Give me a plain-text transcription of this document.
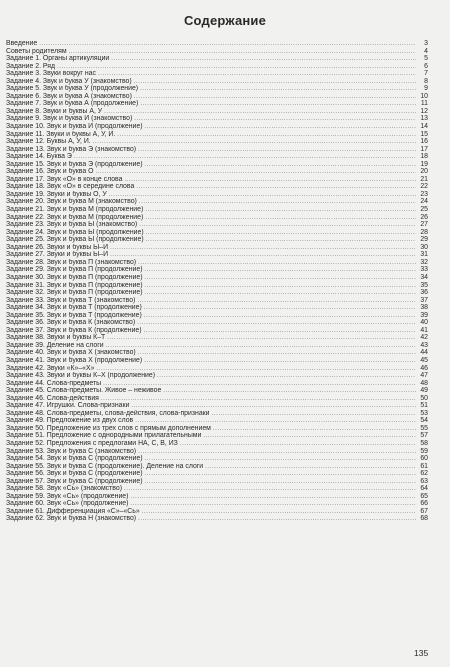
Содержание
Введение .....	3
Советы родителям .....	4
Задание 1. Органы артикуляции .....	5
Задание 2. Ряд .....	6
Задание 3. Звуки вокруг нас .....	7
Задание 4. Звук и буква У (знакомство) .....	8
Задание 5. Звук и буква У (продолжение) .....	9
Задание 6. Звук и буква А (знакомство) .....	10
Задание 7. Звук и буква А (продолжение) .....	11
Задание 8. Звуки и буквы А, У .....	12
Задание 9. Звук и буква И (знакомство) .....	13
Задание 10. Звук и буква И (продолжение) .....	14
Задание 11. Звуки и буквы А, У, И. .....	15
Задание 12. Буквы А, У, И. .....	16
Задание 13. Звук и буква Э (знакомство) .....	17
Задание 14. Буква Э .....	18
Задание 15. Звук и буква Э (продолжение) .....	19
Задание 16. Звук и буква О .....	20
Задание 17. Звук «О» в конце слова .....	21
Задание 18. Звук «О» в середине слова .....	22
Задание 19. Звуки и буквы О, У .....	23
Задание 20. Звук и буква М (знакомство) .....	24
Задание 21. Звук и буква М (продолжение) .....	25
Задание 22. Звук и буква М (продолжение) .....	26
Задание 23. Звук и буква Ы (знакомство) .....	27
Задание 24. Звук и буква Ы (продолжение) .....	28
Задание 25. Звук и буква Ы (продолжение) .....	29
Задание 26. Звуки и буквы Ы–И .....	30
Задание 27. Звуки и буквы Ы–И .....	31
Задание 28. Звук и буква П (знакомство) .....	32
Задание 29. Звук и буква П (продолжение) .....	33
Задание 30. Звук и буква П (продолжение) .....	34
Задание 31. Звук и буква П (продолжение) .....	35
Задание 32. Звук и буква П (продолжение) .....	36
Задание 33. Звук и буква Т (знакомство) .....	37
Задание 34. Звук и буква Т (продолжение) .....	38
Задание 35. Звук и буква Т (продолжение) .....	39
Задание 36. Звук и буква К (знакомство) .....	40
Задание 37. Звук и буква К (продолжение) .....	41
Задание 38. Звуки и буквы К–Т .....	42
Задание 39. Деление на слоги .....	43
Задание 40. Звук и буква Х (знакомство) .....	44
Задание 41. Звук и буква Х (продолжение) .....	45
Задание 42. Звуки «К»–«Х» .....	46
Задание 43. Звуки и буквы К–Х (продолжение) .....	47
Задание 44. Слова-предметы .....	48
Задание 45. Слова-предметы. Живое – неживое .....	49
Задание 46. Слова-действия .....	50
Задание 47. Игрушки. Слова-признаки .....	51
Задание 48. Слова-предметы, слова-действия, слова-признаки .....	53
Задание 49. Предложение из двух слов .....	54
Задание 50. Предложение из трех слов с прямым дополнением .....	55
Задание 51. Предложение с однородными прилагательными .....	57
Задание 52. Предложения с предлогами НА, С, В, ИЗ .....	58
Задание 53. Звук и буква С (знакомство) .....	59
Задание 54. Звук и буква С (продолжение) .....	60
Задание 55. Звук и буква С (продолжение). Деление на слоги .....	61
Задание 56. Звук и буква С (продолжение) .....	62
Задание 57. Звук и буква С (продолжение) .....	63
Задание 58. Звук «Сь» (знакомство) .....	64
Задание 59. Звук «Сь» (продолжение) .....	65
Задание 60. Звук «Сь» (продолжение) .....	66
Задание 61. Дифференциация «С»–«Сь» .....	67
Задание 62. Звук и буква Н (знакомство) .....	68
135
